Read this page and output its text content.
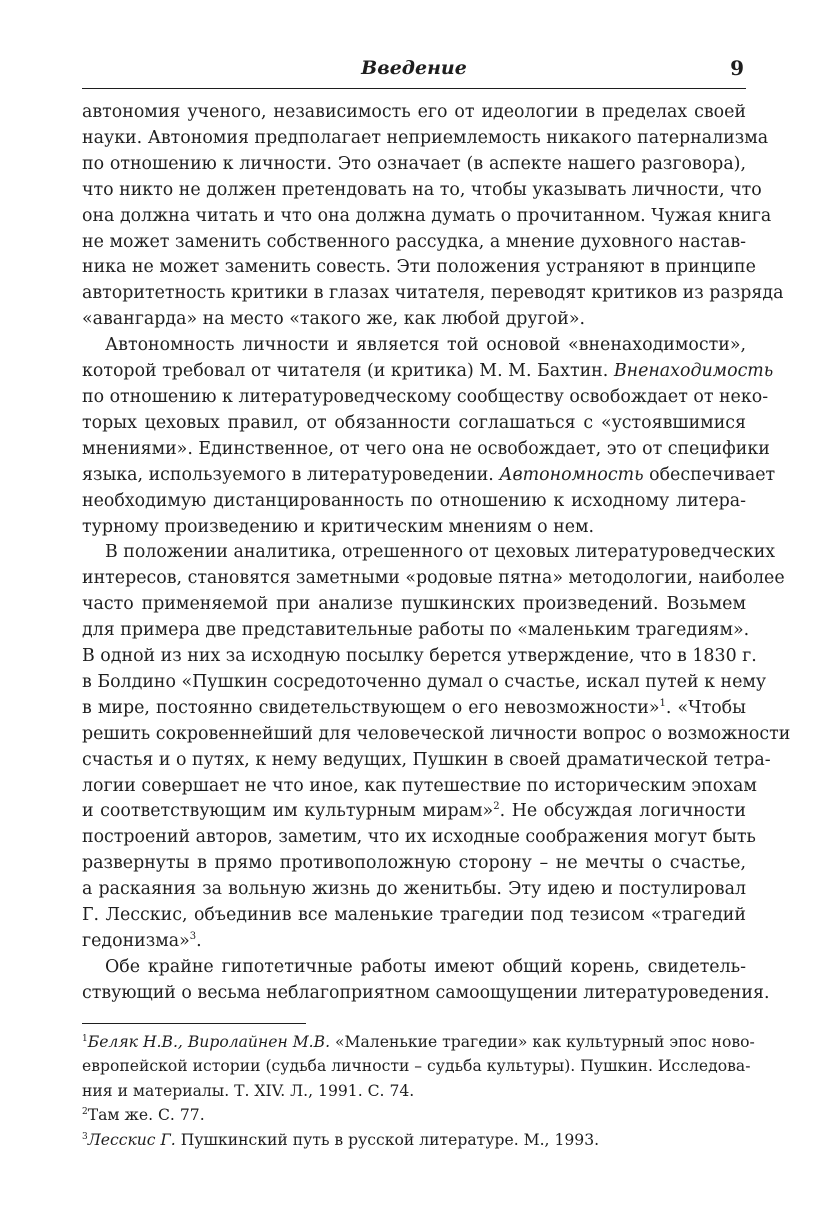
Введение	9
автономия ученого, независимость его от идеологии в пределах своей
науки. Автономия предполагает неприемлемость никакого патернализма
по отношению к личности. Это означает (в аспекте нашего разговора),
что никто не должен претендовать на то, чтобы указывать личности, что
она должна читать и что она должна думать о прочитанном. Чужая книга
не может заменить собственного рассудка, а мнение духовного настав-
ника не может заменить совесть. Эти положения устраняют в принципе
авторитетность критики в глазах читателя, переводят критиков из разряда
«авангарда» на место «такого же, как любой другой».
Автономность личности и является той основой «вненаходимости»,
которой требовал от читателя (и критика) М. М. Бахтин. Вненаходимость
по отношению к литературоведческому сообществу освобождает от неко-
торых цеховых правил, от обязанности соглашаться с «устоявшимися
мнениями». Единственное, от чего она не освобождает, это от специфики
языка, используемого в литературоведении. Автономность обеспечивает
необходимую дистанцированность по отношению к исходному литера-
турному произведению и критическим мнениям о нем.
В положении аналитика, отрешенного от цеховых литературоведческих
интересов, становятся заметными «родовые пятна» методологии, наиболее
часто применяемой при анализе пушкинских произведений. Возьмем
для примера две представительные работы по «маленьким трагедиям».
В одной из них за исходную посылку берется утверждение, что в 1830 г.
в Болдино «Пушкин сосредоточенно думал о счастье, искал путей к нему
в мире, постоянно свидетельствующем о его невозможности»$^1$. «Чтобы
решить сокровеннейший для человеческой личности вопрос о возможности
счастья и о путях, к нему ведущих, Пушкин в своей драматической тетра-
логии совершает не что иное, как путешествие по историческим эпохам
и соответствующим им культурным мирам»$^2$. Не обсуждая логичности
построений авторов, заметим, что их исходные соображения могут быть
развернуты в прямо противоположную сторону – не мечты о счастье,
а раскаяния за вольную жизнь до женитьбы. Эту идею и постулировал
Г. Лесскис, объединив все маленькие трагедии под тезисом «трагедий
гедонизма»$^3$.
Обе крайне гипотетичные работы имеют общий корень, свидетель-
ствующий о весьма неблагоприятном самоощущении литературоведения.
$^1$Беляк Н.В., Виролайнен М.В. «Маленькие трагедии» как культурный эпос ново-
европейской истории (судьба личности – судьба культуры). Пушкин. Исследова-
ния и материалы. Т. XIV. Л., 1991. С. 74.
$^2$Там же. С. 77.
$^3$Лесскис Г. Пушкинский путь в русской литературе. М., 1993.
